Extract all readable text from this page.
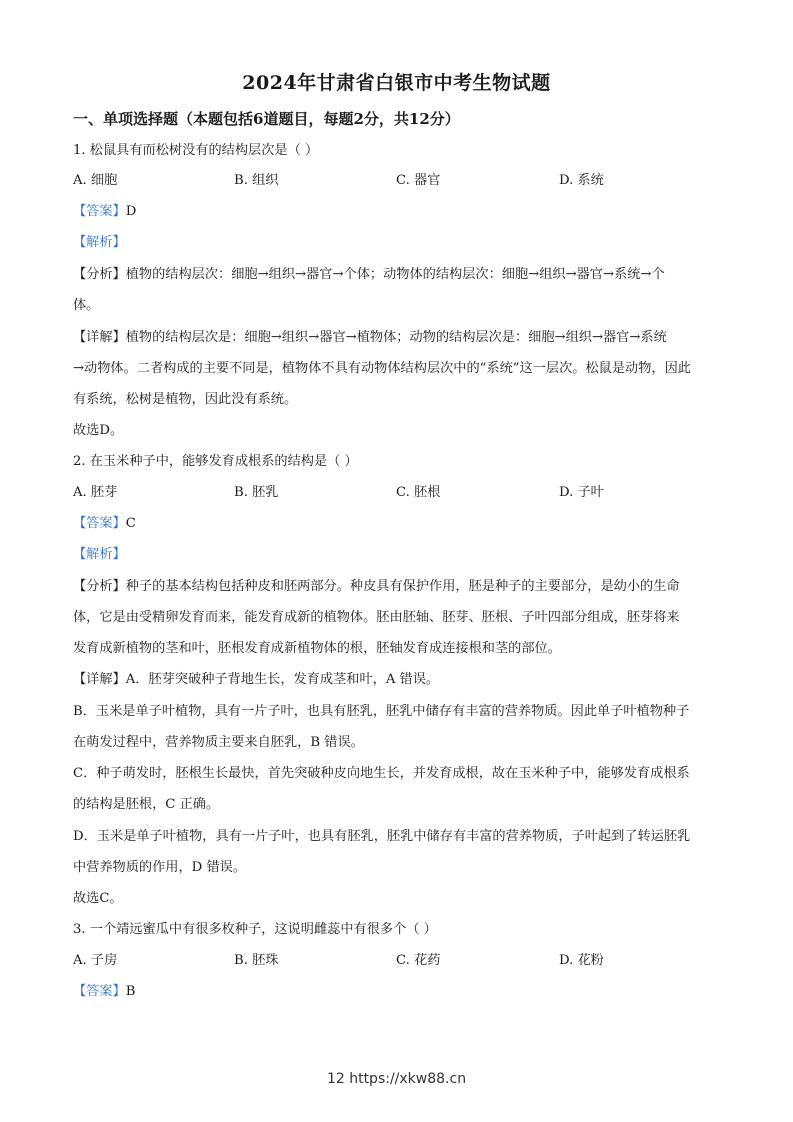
2024年甘肃省白银市中考生物试题
一、单项选择题（本题包括6道题目，每题2分，共12分）
1. 松鼠具有而松树没有的结构层次是（ ）
A. 细胞	B. 组织	C. 器官	D. 系统
【答案】D
【解析】
【分析】植物的结构层次：细胞→组织→器官→个体；动物体的结构层次：细胞→组织→器官→系统→个
体。
【详解】植物的结构层次是：细胞→组织→器官→植物体；动物的结构层次是：细胞→组织→器官→系统
→动物体。二者构成的主要不同是，植物体不具有动物体结构层次中的“系统”这一层次。松鼠是动物，因此
有系统，松树是植物，因此没有系统。
故选D。
2. 在玉米种子中，能够发育成根系的结构是（ ）
A. 胚芽	B. 胚乳	C. 胚根	D. 子叶
【答案】C
【解析】
【分析】种子的基本结构包括种皮和胚两部分。种皮具有保护作用，胚是种子的主要部分，是幼小的生命
体，它是由受精卵发育而来，能发育成新的植物体。胚由胚轴、胚芽、胚根、子叶四部分组成，胚芽将来
发育成新植物的茎和叶，胚根发育成新植物体的根，胚轴发育成连接根和茎的部位。
【详解】A．胚芽突破种子背地生长，发育成茎和叶，A 错误。
B．玉米是单子叶植物，具有一片子叶，也具有胚乳，胚乳中储存有丰富的营养物质。因此单子叶植物种子
在萌发过程中，营养物质主要来自胚乳，B 错误。
C．种子萌发时，胚根生长最快，首先突破种皮向地生长，并发育成根，故在玉米种子中，能够发育成根系
的结构是胚根，C 正确。
D．玉米是单子叶植物，具有一片子叶，也具有胚乳，胚乳中储存有丰富的营养物质，子叶起到了转运胚乳
中营养物质的作用，D 错误。
故选C。
3. 一个靖远蜜瓜中有很多枚种子，这说明雌蕊中有很多个（ ）
A. 子房	B. 胚珠	C. 花药	D. 花粉
【答案】B
12 https://xkw88.cn
